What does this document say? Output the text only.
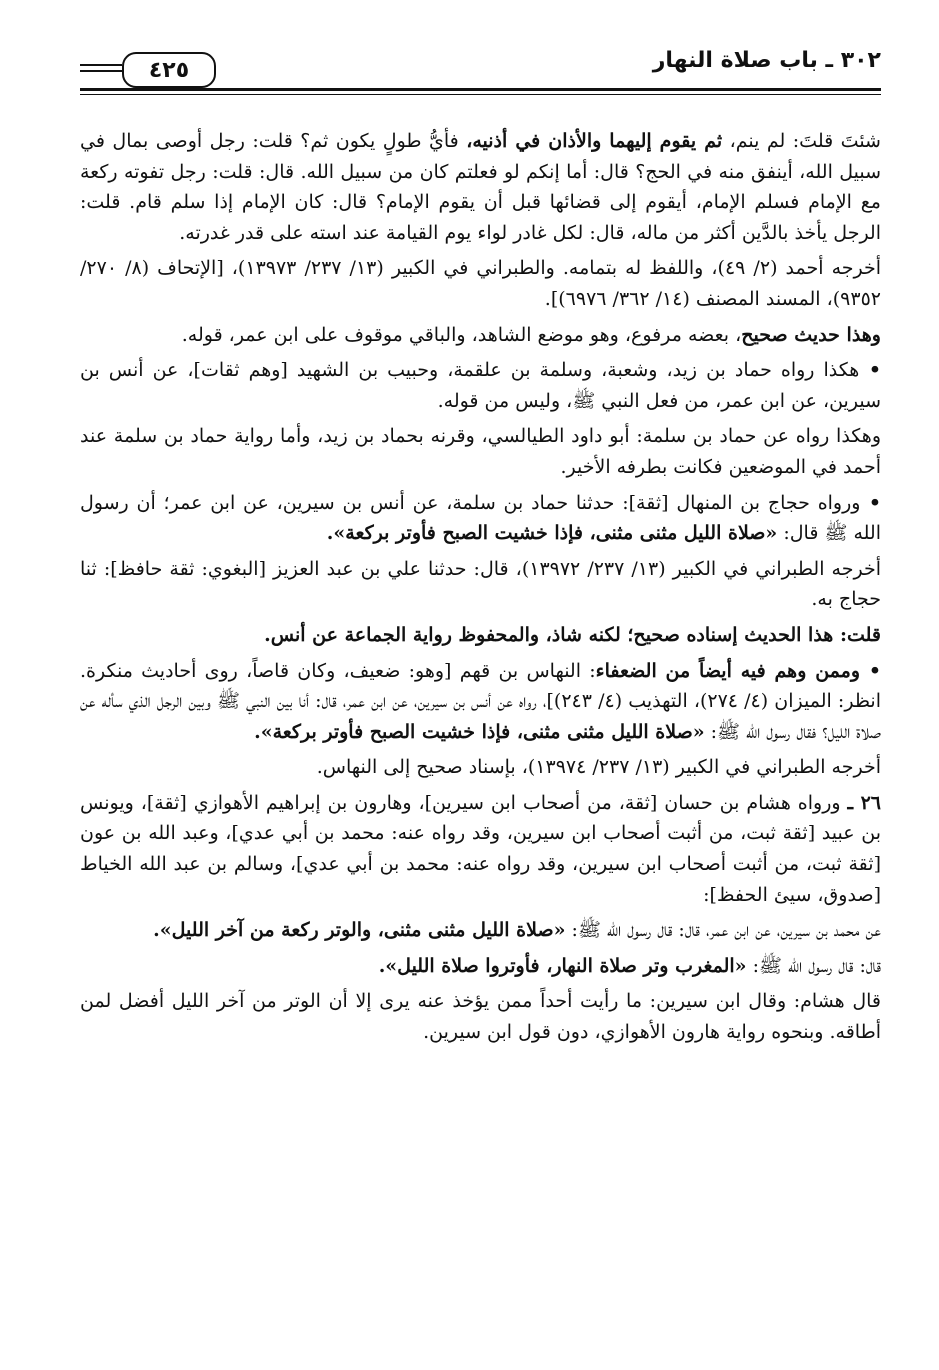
٣٠٢ ـ باب صلاة النهار
٤٢٥

شئتَ قلتَ: لم ينم، ثم يقوم إليهما والأذان في أذنيه، فأيُّ طولٍ يكون ثم؟ قلت: رجل أوصى بمال في سبيل الله، أينفق منه في الحج؟ قال: أما إنكم لو فعلتم كان من سبيل الله. قال: قلت: رجل تفوته ركعة مع الإمام فسلم الإمام، أيقوم إلى قضائها قبل أن يقوم الإمام؟ قال: كان الإمام إذا سلم قام. قلت: الرجل يأخذ بالدَّين أكثر من ماله، قال: لكل غادر لواء يوم القيامة عند استه على قدر غدرته.

أخرجه أحمد (٢/ ٤٩)، واللفظ له بتمامه. والطبراني في الكبير (١٣/ ٢٣٧/ ١٣٩٧٣)، [الإتحاف (٨/ ٢٧٠/ ٩٣٥٢)، المسند المصنف (١٤/ ٣٦٢/ ٦٩٧٦)].

وهذا حديث صحيح، بعضه مرفوع، وهو موضع الشاهد، والباقي موقوف على ابن عمر، قوله.

• هكذا رواه حماد بن زيد، وشعبة، وسلمة بن علقمة، وحبيب بن الشهيد [وهم ثقات]، عن أنس بن سيرين، عن ابن عمر، من فعل النبي ﷺ، وليس من قوله.

وهكذا رواه عن حماد بن سلمة: أبو داود الطيالسي، وقرنه بحماد بن زيد، وأما رواية حماد بن سلمة عند أحمد في الموضعين فكانت بطرفه الأخير.

• ورواه حجاج بن المنهال [ثقة]: حدثنا حماد بن سلمة، عن أنس بن سيرين، عن ابن عمر؛ أن رسول الله ﷺ قال: «صلاة الليل مثنى مثنى، فإذا خشيت الصبح فأوتر بركعة».

أخرجه الطبراني في الكبير (١٣/ ٢٣٧/ ١٣٩٧٢)، قال: حدثنا علي بن عبد العزيز [البغوي: ثقة حافظ]: ثنا حجاج به.

قلت: هذا الحديث إسناده صحيح؛ لكنه شاذ، والمحفوظ رواية الجماعة عن أنس.

• وممن وهم فيه أيضاً من الضعفاء: النهاس بن قهم [وهو: ضعيف، وكان قاصاً، روى أحاديث منكرة. انظر: الميزان (٤/ ٢٧٤)، التهذيب (٤/ ٢٤٣)]، رواه عن أنس بن سيرين، عن ابن عمر، قال: أنا بين النبي ﷺ وبين الرجل الذي سأله عن صلاة الليل؟ فقال رسول الله ﷺ: «صلاة الليل مثنى مثنى، فإذا خشيت الصبح فأوتر بركعة».

أخرجه الطبراني في الكبير (١٣/ ٢٣٧/ ١٣٩٧٤)، بإسناد صحيح إلى النهاس.

٢٦ ـ ورواه هشام بن حسان [ثقة، من أصحاب ابن سيرين]، وهارون بن إبراهيم الأهوازي [ثقة]، ويونس بن عبيد [ثقة ثبت، من أثبت أصحاب ابن سيرين، وقد رواه عنه: محمد بن أبي عدي]، وعبد الله بن عون [ثقة ثبت، من أثبت أصحاب ابن سيرين، وقد رواه عنه: محمد بن أبي عدي]، وسالم بن عبد الله الخياط [صدوق، سيئ الحفظ]:

عن محمد بن سيرين، عن ابن عمر، قال: قال رسول الله ﷺ: «صلاة الليل مثنى مثنى، والوتر ركعة من آخر الليل».

قال: قال رسول الله ﷺ: «المغرب وتر صلاة النهار، فأوتروا صلاة الليل».

قال هشام: وقال ابن سيرين: ما رأيت أحداً ممن يؤخذ عنه يرى إلا أن الوتر من آخر الليل أفضل لمن أطاقه. وبنحوه رواية هارون الأهوازي، دون قول ابن سيرين.
